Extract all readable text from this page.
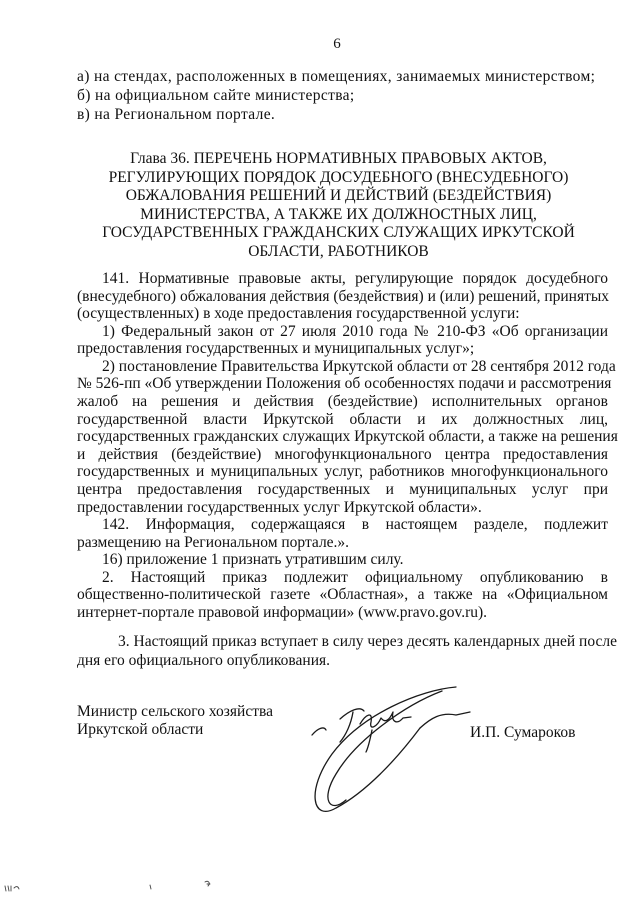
6
а) на стендах, расположенных в помещениях, занимаемых министерством;
б) на официальном сайте министерства;
в) на Региональном портале.
Глава 36. ПЕРЕЧЕНЬ НОРМАТИВНЫХ ПРАВОВЫХ АКТОВ,
РЕГУЛИРУЮЩИХ ПОРЯДОК ДОСУДЕБНОГО (ВНЕСУДЕБНОГО)
ОБЖАЛОВАНИЯ РЕШЕНИЙ И ДЕЙСТВИЙ (БЕЗДЕЙСТВИЯ)
МИНИСТЕРСТВА, А ТАКЖЕ ИХ ДОЛЖНОСТНЫХ ЛИЦ,
ГОСУДАРСТВЕННЫХ ГРАЖДАНСКИХ СЛУЖАЩИХ ИРКУТСКОЙ
ОБЛАСТИ, РАБОТНИКОВ
141. Нормативные правовые акты, регулирующие порядок досудебного
(внесудебного) обжалования действия (бездействия) и (или) решений, принятых
(осуществленных) в ходе предоставления государственной услуги:
1) Федеральный закон от 27 июля 2010 года № 210-ФЗ «Об организации
предоставления государственных и муниципальных услуг»;
2) постановление Правительства Иркутской области от 28 сентября 2012 года
№ 526-пп «Об утверждении Положения об особенностях подачи и рассмотрения
жалоб на решения и действия (бездействие) исполнительных органов
государственной власти Иркутской области и их должностных лиц,
государственных гражданских служащих Иркутской области, а также на решения
и действия (бездействие) многофункционального центра предоставления
государственных и муниципальных услуг, работников многофункционального
центра предоставления государственных и муниципальных услуг при
предоставлении государственных услуг Иркутской области».
142. Информация, содержащаяся в настоящем разделе, подлежит
размещению на Региональном портале.».
16) приложение 1 признать утратившим силу.
2. Настоящий приказ подлежит официальному опубликованию в
общественно-политической газете «Областная», а также на «Официальном
интернет-портале правовой информации» (www.pravo.gov.ru).
3. Настоящий приказ вступает в силу через десять календарных дней после
дня его официального опубликования.
Министр сельского хозяйства
Иркутской области	И.П. Сумароков
